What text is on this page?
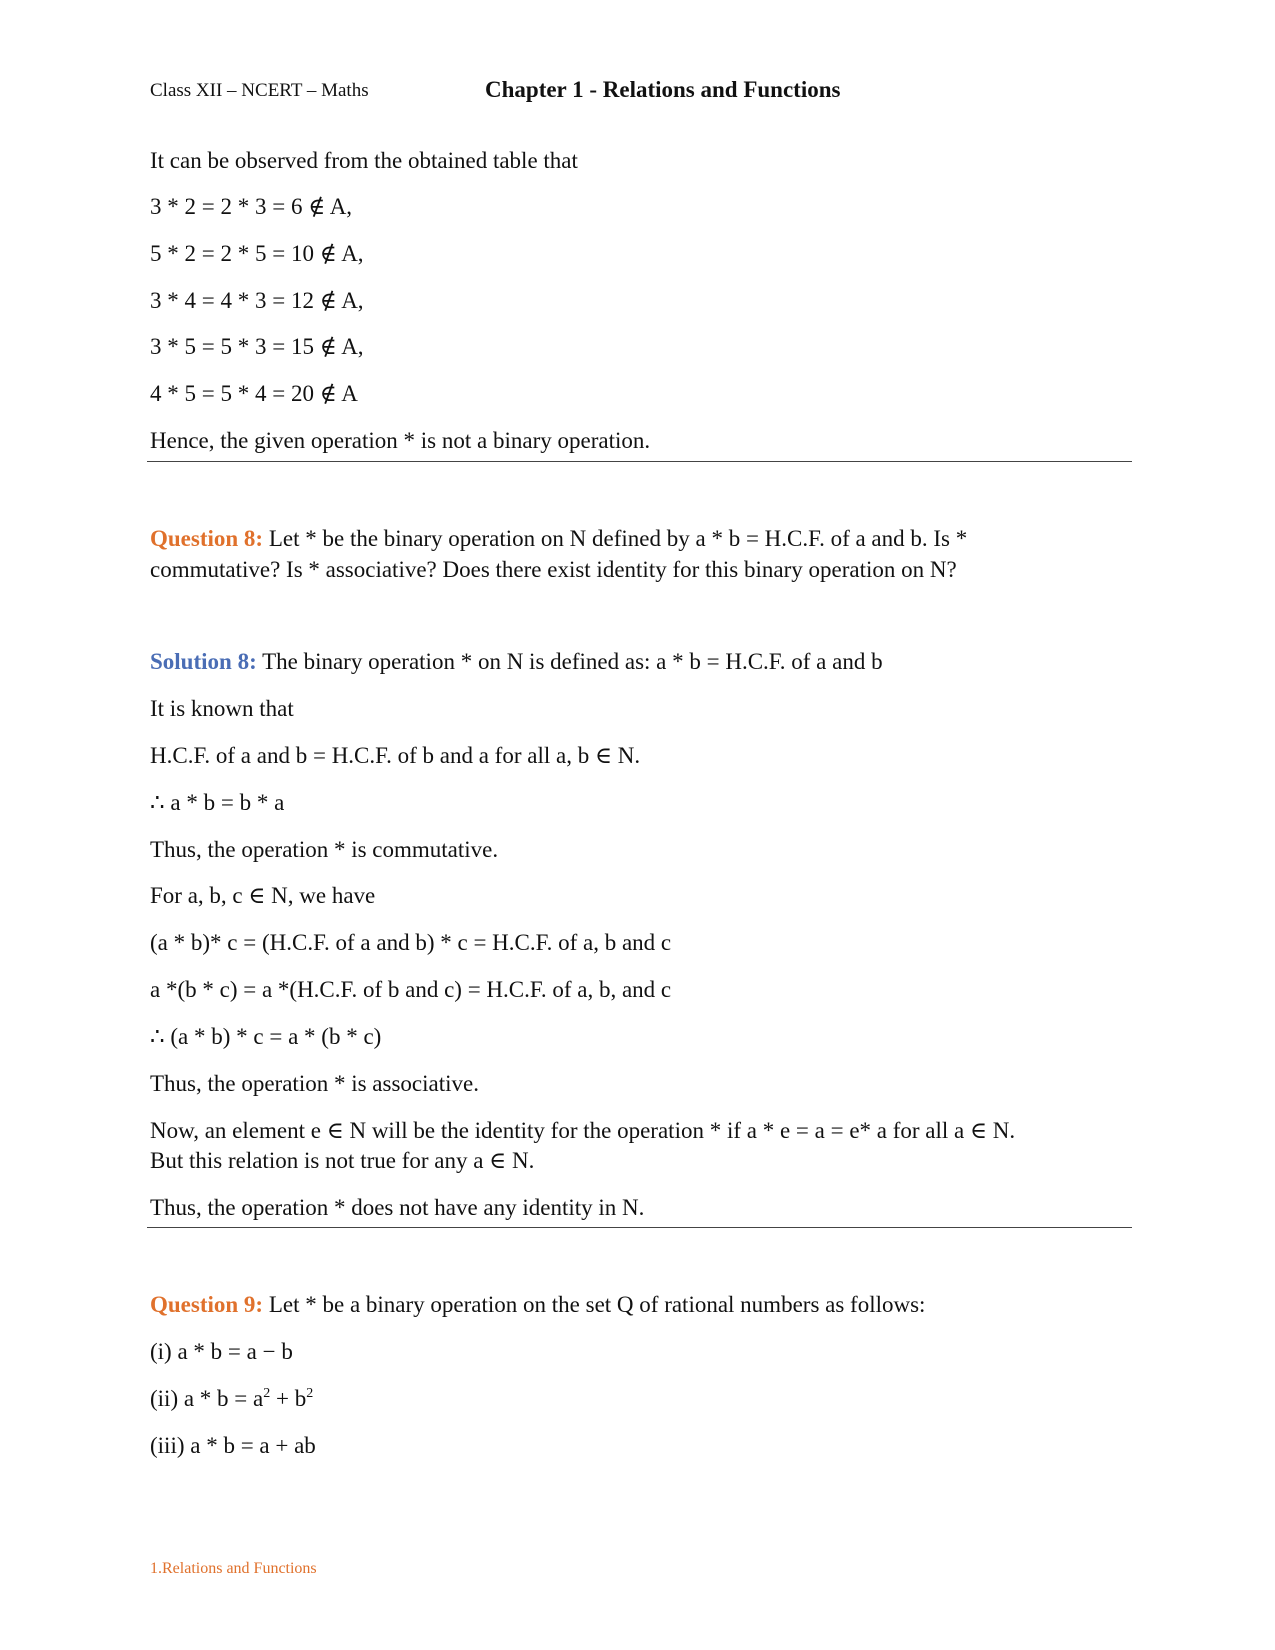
Class XII – NCERT – Maths	Chapter 1 - Relations and Functions
It can be observed from the obtained table that
3 * 2 = 2 * 3 = 6 ∉ A,
5 * 2 = 2 * 5 = 10 ∉ A,
3 * 4 = 4 * 3 = 12 ∉ A,
3 * 5 = 5 * 3 = 15 ∉ A,
4 * 5 = 5 * 4 = 20 ∉ A
Hence, the given operation * is not a binary operation.
Question 8: Let * be the binary operation on N defined by a * b = H.C.F. of a and b. Is *
commutative? Is * associative? Does there exist identity for this binary operation on N?
Solution 8: The binary operation * on N is defined as: a * b = H.C.F. of a and b
It is known that
H.C.F. of a and b = H.C.F. of b and a for all a, b ∈ N.
∴ a * b = b * a
Thus, the operation * is commutative.
For a, b, c ∈ N, we have
(a * b)* c = (H.C.F. of a and b) * c = H.C.F. of a, b and c
a *(b * c) = a *(H.C.F. of b and c) = H.C.F. of a, b, and c
∴ (a * b) * c = a * (b * c)
Thus, the operation * is associative.
Now, an element e ∈ N will be the identity for the operation * if a * e = a = e* a for all a ∈ N.
But this relation is not true for any a ∈ N.
Thus, the operation * does not have any identity in N.
Question 9: Let * be a binary operation on the set Q of rational numbers as follows:
(i) a * b = a − b
(ii) $a * b = a^2 + b^2$
(iii) a * b = a + ab
1.Relations and Functions
